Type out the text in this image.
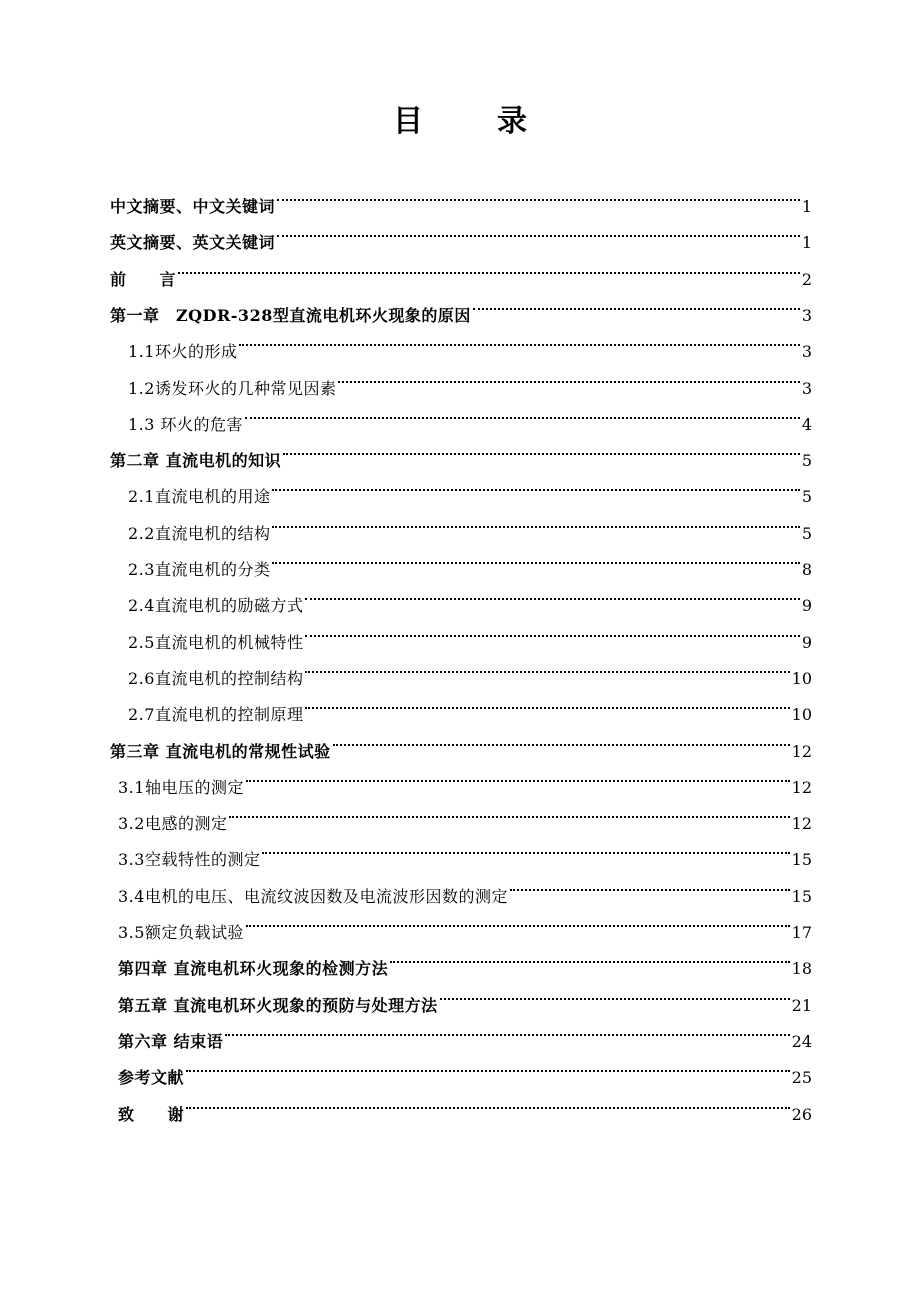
目　录
中文摘要、中文关键词	1
英文摘要、英文关键词	1
前　　言	2
第一章　ZQDR-328型直流电机环火现象的原因	3
1.1环火的形成	3
1.2诱发环火的几种常见因素	3
1.3 环火的危害	4
第二章 直流电机的知识	5
2.1直流电机的用途	5
2.2直流电机的结构	5
2.3直流电机的分类	8
2.4直流电机的励磁方式	9
2.5直流电机的机械特性	9
2.6直流电机的控制结构	10
2.7直流电机的控制原理	10
第三章 直流电机的常规性试验	12
3.1轴电压的测定	12
3.2电感的测定	12
3.3空载特性的测定	15
3.4电机的电压、电流纹波因数及电流波形因数的测定	15
3.5额定负载试验	17
第四章 直流电机环火现象的检测方法	18
第五章 直流电机环火现象的预防与处理方法	21
第六章 结束语	24
参考文献	25
致　　谢	26
